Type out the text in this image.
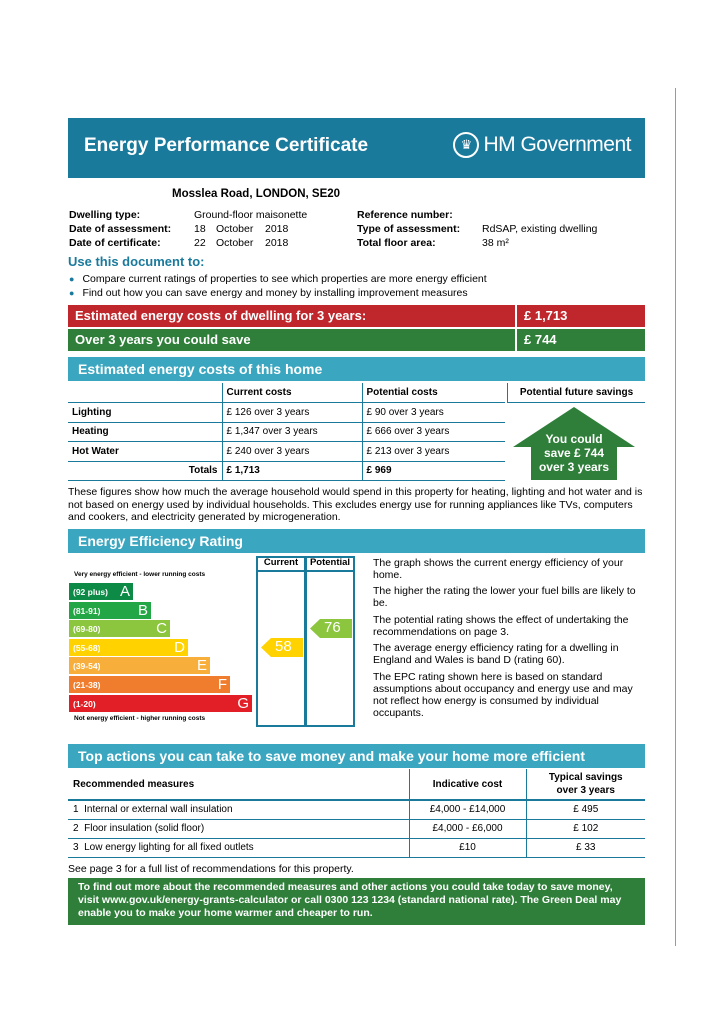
Energy Performance Certificate	♛ HM Government
Mosslea Road, LONDON, SE20
Dwelling type:	Ground-floor maisonette
Date of assessment: 18 October 2018
Date of certificate:	22 October 2018
Reference number:
Type of assessment: RdSAP, existing dwelling
Total floor area:	38 m²
Use this document to:
● Compare current ratings of properties to see which properties are more energy efficient
● Find out how you can save energy and money by installing improvement measures
Estimated energy costs of dwelling for 3 years:	£ 1,713
Over 3 years you could save	£ 744
Estimated energy costs of this home
	Current costs	Potential costs
Lighting	£ 126 over 3 years	£ 90 over 3 years
Heating	£ 1,347 over 3 years	£ 666 over 3 years
Hot Water	£ 240 over 3 years	£ 213 over 3 years
Totals	£ 1,713	£ 969
Potential future savings
You could
save £ 744
over 3 years
These figures show how much the average household would spend in this property for heating, lighting and hot water and is not based on energy used by individual households. This excludes energy use for running appliances like TVs, computers and cookers, and electricity generated by microgeneration.
Energy Efficiency Rating
Very energy efficient - lower running costs
Not energy efficient - higher running costs
(92 plus) A
(81-91)	B
(69-80)	C
(55-68)	D
(39-54)	E
(21-38)	F
(1-20)	G
Current	Potential
58
76
The graph shows the current energy efficiency of your home.
The higher the rating the lower your fuel bills are likely to be.
The potential rating shows the effect of undertaking the recommendations on page 3.
The average energy efficiency rating for a dwelling in England and Wales is band D (rating 60).
The EPC rating shown here is based on standard assumptions about occupancy and energy use and may not reflect how energy is consumed by individual occupants.
Top actions you can take to save money and make your home more efficient
Recommended measures	Indicative cost	Typical savings
over 3 years

1 Internal or external wall insulation	£4,000 - £14,000	£ 495
2 Floor insulation (solid floor)	£4,000 - £6,000	£ 102
3 Low energy lighting for all fixed outlets	£10	£ 33
See page 3 for a full list of recommendations for this property.
To find out more about the recommended measures and other actions you could take today to save money, visit www.gov.uk/energy-grants-calculator or call 0300 123 1234 (standard national rate). The Green Deal may enable you to make your home warmer and cheaper to run.
